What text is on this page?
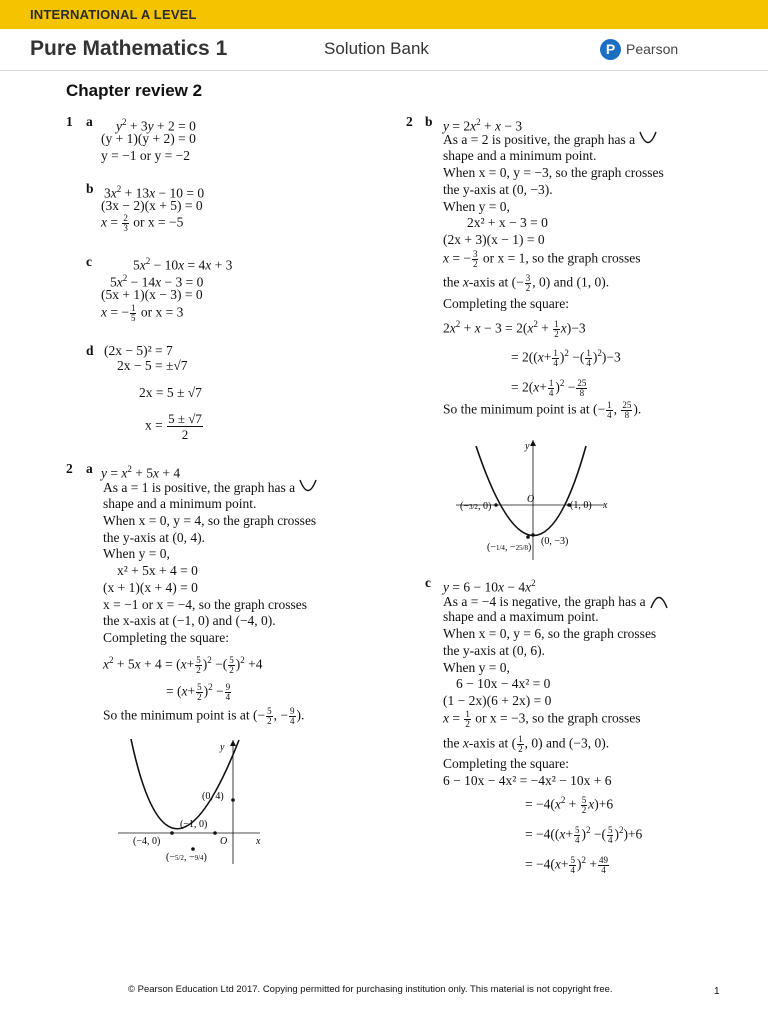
INTERNATIONAL A LEVEL
Pure Mathematics 1	Solution Bank	P Pearson
Chapter review 2
1 a $y^2 + 3y + 2 = 0$
(y + 1)(y + 2) = 0
y = −1 or y = −2
b $3x^2 + 13x - 10 = 0$
(3x − 2)(x + 5) = 0
$x = \frac{2}{3}$ or x = −5
c	$5x^2 - 10x = 4x + 3$
$5x^2 - 14x - 3 = 0$
(5x + 1)(x − 3) = 0
x = − $\frac{1}{5}$ or x = 3
d (2x − 5)² = 7
2x − 5 = ±√7
2x = 5 ± √7
$x = \frac{5 \pm √7}{2}$
2 a $y = x^2 + 5x + 4$
As a = 1 is positive, the graph has a
shape and a minimum point.
When x = 0, y = 4, so the graph crosses
the y-axis at (0, 4).
When y = 0,
x² + 5x + 4 = 0
(x + 1)(x + 4) = 0
x = −1 or x = −4, so the graph crosses
the x-axis at (−1, 0) and (−4, 0).
Completing the square:
$x^2 + 5x + 4 = (x+ \frac{5}{2} )^2$ −( $\frac{5}{2} )^2 +4$
= $(x+ \frac{5}{2} )^2 - \frac{9}{4}$
So the minimum point is at (− $\frac{5}{2}$ , − $\frac{9}{4}$ ).
y
x
O
(0, 4)
(−1, 0)
(−4, 0)
(−5/2, −9/4)
2 b $y = 2x^2 + x - 3$
As a = 2 is positive, the graph has a
shape and a minimum point.
When x = 0, y = −3, so the graph crosses
the y-axis at (0, −3).
When y = 0,
2x² + x − 3 = 0
(2x + 3)(x − 1) = 0
x = − $\frac{3}{2}$ or x = 1, so the graph crosses
the x-axis at (− $\frac{3}{2}$ , 0) and (1, 0).
Completing the square:
$2x^2 + x - 3 = 2(x^2 + \frac{1}{2} x)-3$
= $2((x+ \frac{1}{4} )^2$ −( $\frac{1}{4} )^2)-3$
= $2(x+ \frac{1}{4} )^2 - \frac{25}{8}$
So the minimum point is at (− $\frac{1}{4}$ , $\frac{25}{8}$ ).
y
x
O
(−3/2, 0)	(1, 0)
(0, −3)
(−1/4, −25/8)
c $y = 6 - 10x - 4x^2$
As a = −4 is negative, the graph has a
shape and a maximum point.
When x = 0, y = 6, so the graph crosses
the y-axis at (0, 6).
When y = 0,
6 − 10x − 4x² = 0
(1 − 2x)(6 + 2x) = 0
$x = \frac{1}{2}$ or x = −3, so the graph crosses
the x-axis at ( $\frac{1}{2}$ , 0) and (−3, 0).
Completing the square:
6 − 10x − 4x² = −4x² − 10x + 6
= $-4(x^2 + \frac{5}{2} x)+6$
= $-4((x+ \frac{5}{4} )^2$ −( $\frac{5}{4} )^2)+6$
= $-4(x+ \frac{5}{4} )^2 + \frac{49}{4}$
© Pearson Education Ltd 2017. Copying permitted for purchasing institution only. This material is not copyright free.	1
